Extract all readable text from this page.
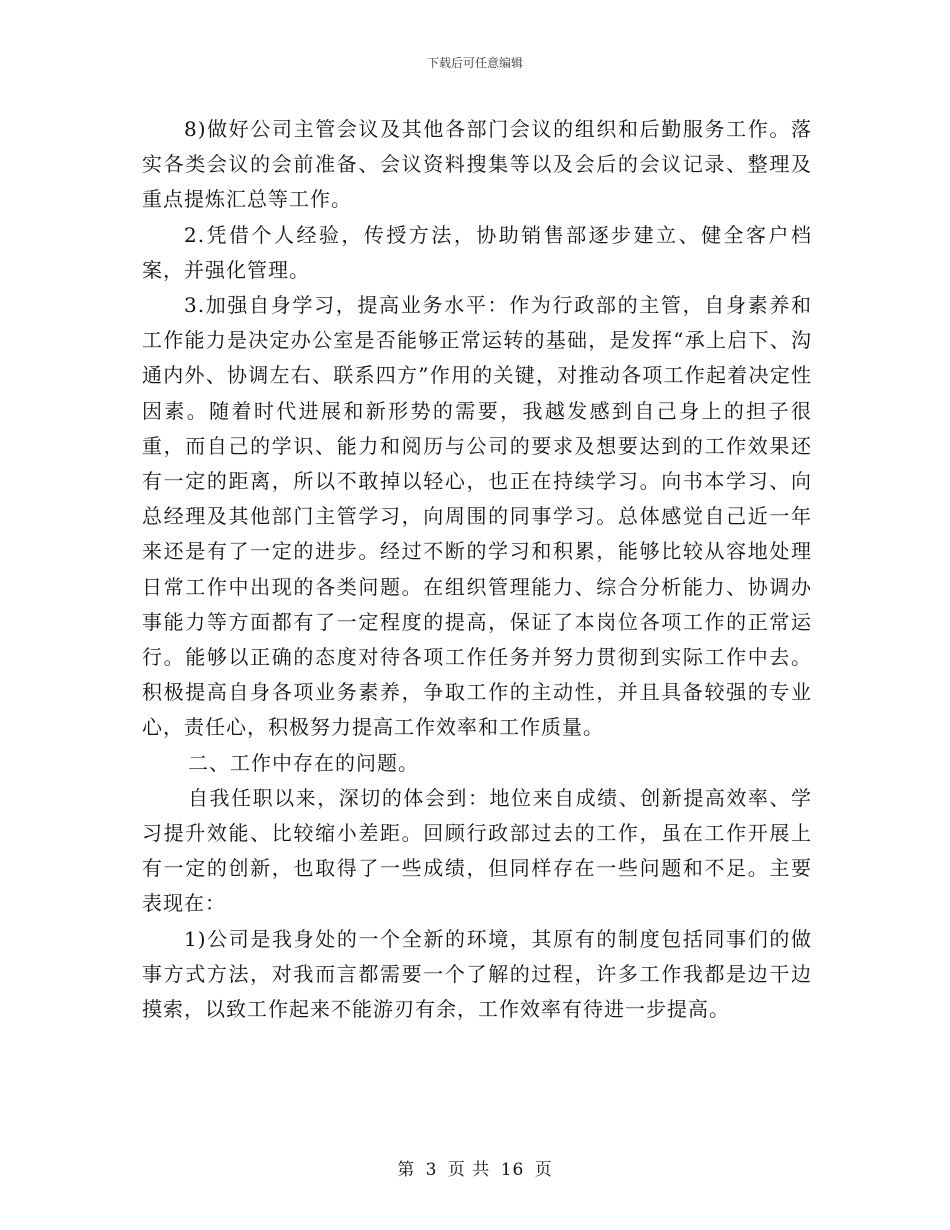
下载后可任意编辑

8)做好公司主管会议及其他各部门会议的组织和后勤服务工作。落实各类会议的会前准备、会议资料搜集等以及会后的会议记录、整理及重点提炼汇总等工作。

2.凭借个人经验，传授方法，协助销售部逐步建立、健全客户档案，并强化管理。

3.加强自身学习，提高业务水平：作为行政部的主管，自身素养和工作能力是决定办公室是否能够正常运转的基础，是发挥“承上启下、沟通内外、协调左右、联系四方”作用的关键，对推动各项工作起着决定性因素。随着时代进展和新形势的需要，我越发感到自己身上的担子很重，而自己的学识、能力和阅历与公司的要求及想要达到的工作效果还有一定的距离，所以不敢掉以轻心，也正在持续学习。向书本学习、向总经理及其他部门主管学习，向周围的同事学习。总体感觉自己近一年来还是有了一定的进步。经过不断的学习和积累，能够比较从容地处理日常工作中出现的各类问题。在组织管理能力、综合分析能力、协调办事能力等方面都有了一定程度的提高，保证了本岗位各项工作的正常运行。能够以正确的态度对待各项工作任务并努力贯彻到实际工作中去。积极提高自身各项业务素养，争取工作的主动性，并且具备较强的专业心，责任心，积极努力提高工作效率和工作质量。

二、工作中存在的问题。

自我任职以来，深切的体会到：地位来自成绩、创新提高效率、学习提升效能、比较缩小差距。回顾行政部过去的工作，虽在工作开展上有一定的创新，也取得了一些成绩，但同样存在一些问题和不足。主要表现在：

1)公司是我身处的一个全新的环境，其原有的制度包括同事们的做事方式方法，对我而言都需要一个了解的过程，许多工作我都是边干边摸索，以致工作起来不能游刃有余，工作效率有待进一步提高。

第 3 页 共 16 页
